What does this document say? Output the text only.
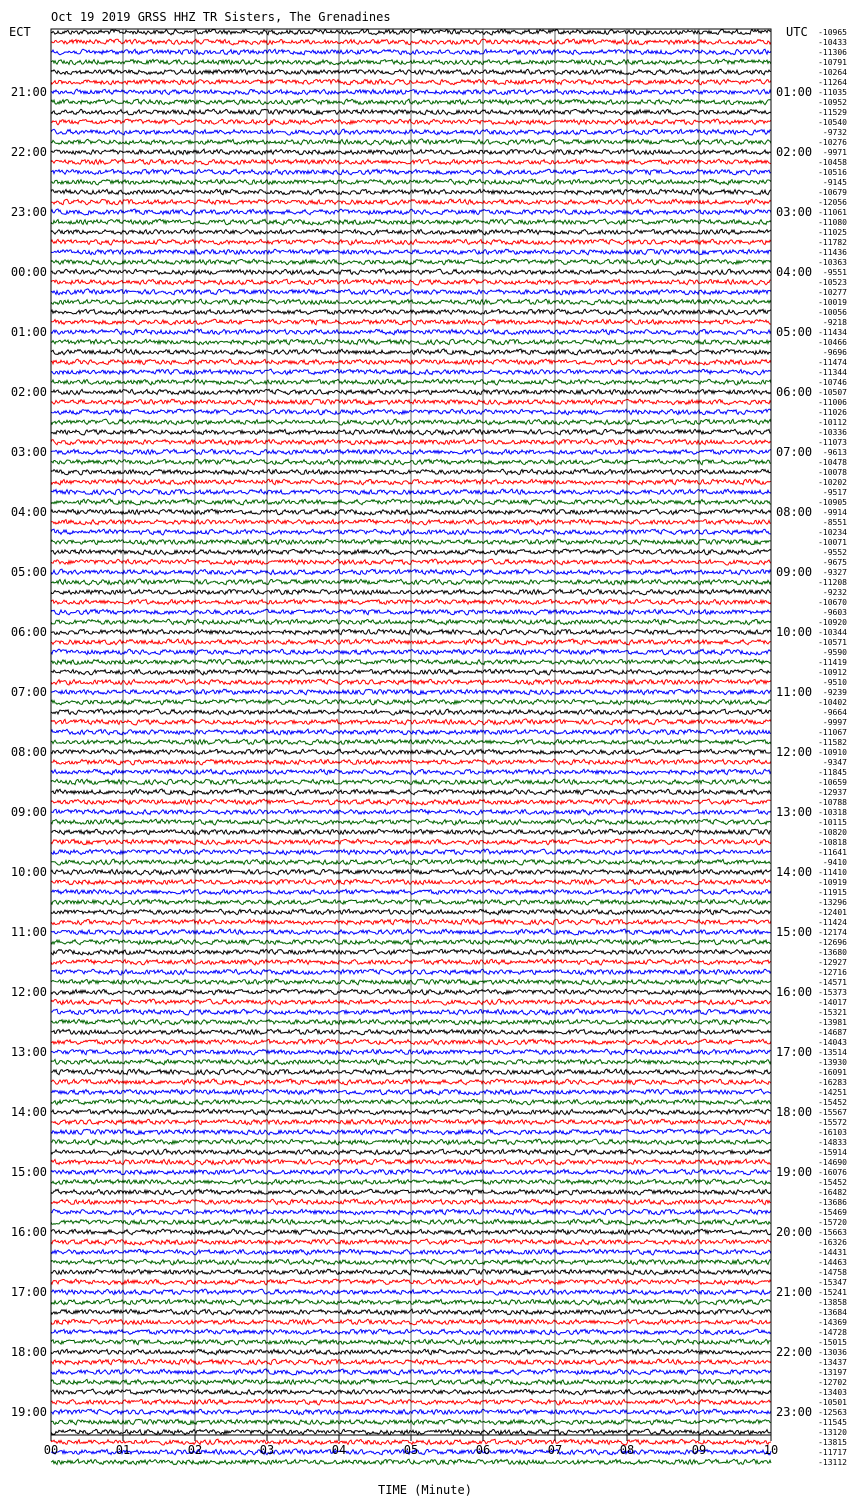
00	01	02	03	04	05	06	07	08	09	10
21:00
22:00
23:00
00:00
01:00
02:00
03:00
04:00
05:00
06:00
07:00
08:00
09:00
10:00
11:00
12:00
13:00
14:00
15:00
16:00
17:00
18:00
19:00
01:00
02:00
03:00
04:00
05:00
06:00
07:00
08:00
09:00
10:00
11:00
12:00
13:00
14:00
15:00
16:00
17:00
18:00
19:00
20:00
21:00
22:00
23:00
-10965
-10433
-11306
-10791
-10264
-11264
-11035
-10952
-11529
-10540
-9732
-10276
-9971
-10458
-10516
-9145
-10679
-12056
-11061
-11080
-11025
-11782
-11436
-10363
-9551
-10523
-10277
-10019
-10056
-9218
-11434
-10466
-9696
-11474
-11344
-10746
-10507
-11006
-11026
-10112
-10336
-11073
-9613
-10478
-10078
-10202
-9517
-10905
-9914
-8551
-10234
-10071
-9552
-9675
-9327
-11208
-9232
-10670
-9603
-10920
-10344
-10571
-9590
-11419
-10912
-9510
-9239
-10402
-9664
-9997
-11067
-11582
-10910
-9347
-11845
-10659
-12937
-10788
-10318
-10115
-10820
-10818
-11641
-9410
-11410
-10919
-11915
-13296
-12401
-11424
-12174
-12696
-13680
-12927
-12716
-14571
-15373
-14017
-15321
-13981
-14687
-14043
-13514
-13930
-16091
-16283
-14251
-15452
-15567
-15572
-16103
-14833
-15914
-14690
-16076
-15452
-16482
-13686
-15469
-15720
-15663
-16326
-14431
-14463
-14758
-15347
-15241
-13858
-13684
-14369
-14728
-15015
-13036
-13437
-13197
-12702
-13403
-10501
-12563
-11545
-13120
-13815
-11717
-13112
Oct 19 2019 GRSS HHZ TR Sisters, The Grenadines
ECT	UTC
TIME (Minute)
